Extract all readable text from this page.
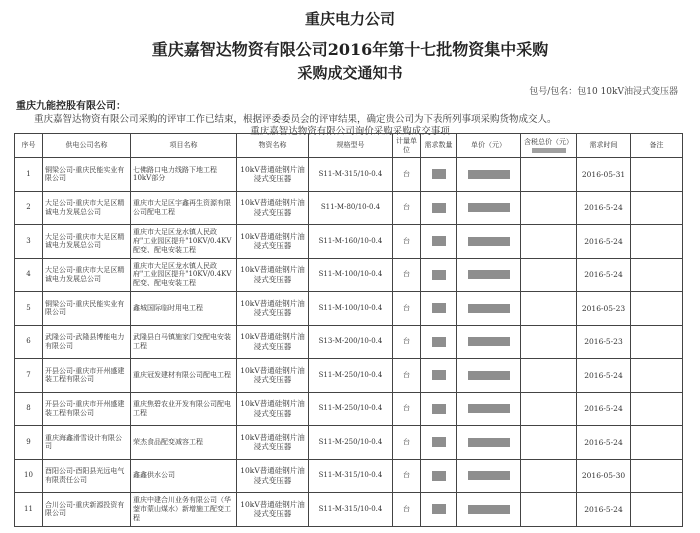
重庆电力公司
重庆嘉智达物资有限公司2016年第十七批物资集中采购
采购成交通知书
包号/包名：包10 10kV油浸式变压器
重庆九能控股有限公司：
重庆嘉智达物资有限公司采购的评审工作已结束，根据评委委员会的评审结果，确定贵公司为下表所列事项采购货物成交人。
重庆嘉智达物资有限公司询价采购采购成交事项
序号	供电公司名称	项目名称	物资名称	规格型号	计量单位	需求数量	单价（元）	含税总价（元）	需求时间	备注
1	铜梁公司-重庆民能实业有限公司	七佛路口电力线路下地工程10kV部分	10kV普通硅钢片油浸式变压器	S11-M-315/10-0.4	台				2016-05-31	
2	大足公司-重庆市大足区精诚电力发展总公司	重庆市大足区宇鑫再生资源有限公司配电工程	10kV普通硅钢片油浸式变压器	S11-M-80/10-0.4	台				2016-5-24	
3	大足公司-重庆市大足区精诚电力发展总公司	重庆市大足区龙水镇人民政府"工业园区提升"10KV/0.4KV配变、配电安装工程	10kV普通硅钢片油浸式变压器	S11-M-160/10-0.4	台				2016-5-24	
4	大足公司-重庆市大足区精诚电力发展总公司	重庆市大足区龙水镇人民政府"工业园区提升"10KV/0.4KV配变、配电安装工程	10kV普通硅钢片油浸式变压器	S11-M-100/10-0.4	台				2016-5-24	
5	铜梁公司-重庆民能实业有限公司	鑫城国际临时用电工程	10kV普通硅钢片油浸式变压器	S11-M-100/10-0.4	台				2016-05-23	
6	武隆公司-武隆县博能电力有限公司	武隆县白马镇施家门变配电安装工程	10kV普通硅钢片油浸式变压器	S13-M-200/10-0.4	台				2016-5-23	
7	开县公司-重庆市开州盛建装工程有限公司	重庆冠发建材有限公司配电工程	10kV普通硅钢片油浸式变压器	S11-M-250/10-0.4	台				2016-5-24	
8	开县公司-重庆市开州盛建装工程有限公司	重庆焦碧农业开发有限公司配电工程	10kV普通硅钢片油浸式变压器	S11-M-250/10-0.4	台				2016-5-24	
9	重庆海鑫滑雪设计有限公司	荣杰食品配变减容工程	10kV普通硅钢片油浸式变压器	S11-M-250/10-0.4	台				2016-5-24	
10	酉阳公司-酉阳县光远电气有限责任公司	鑫鑫供水公司	10kV普通硅钢片油浸式变压器	S11-M-315/10-0.4	台				2016-05-30	
11	合川公司-重庆新源投资有限公司	重庆中建合川业务有限公司（华蓥市蒙山煤水）新增施工配变工程	10kV普通硅钢片油浸式变压器	S11-M-315/10-0.4	台				2016-5-24	
